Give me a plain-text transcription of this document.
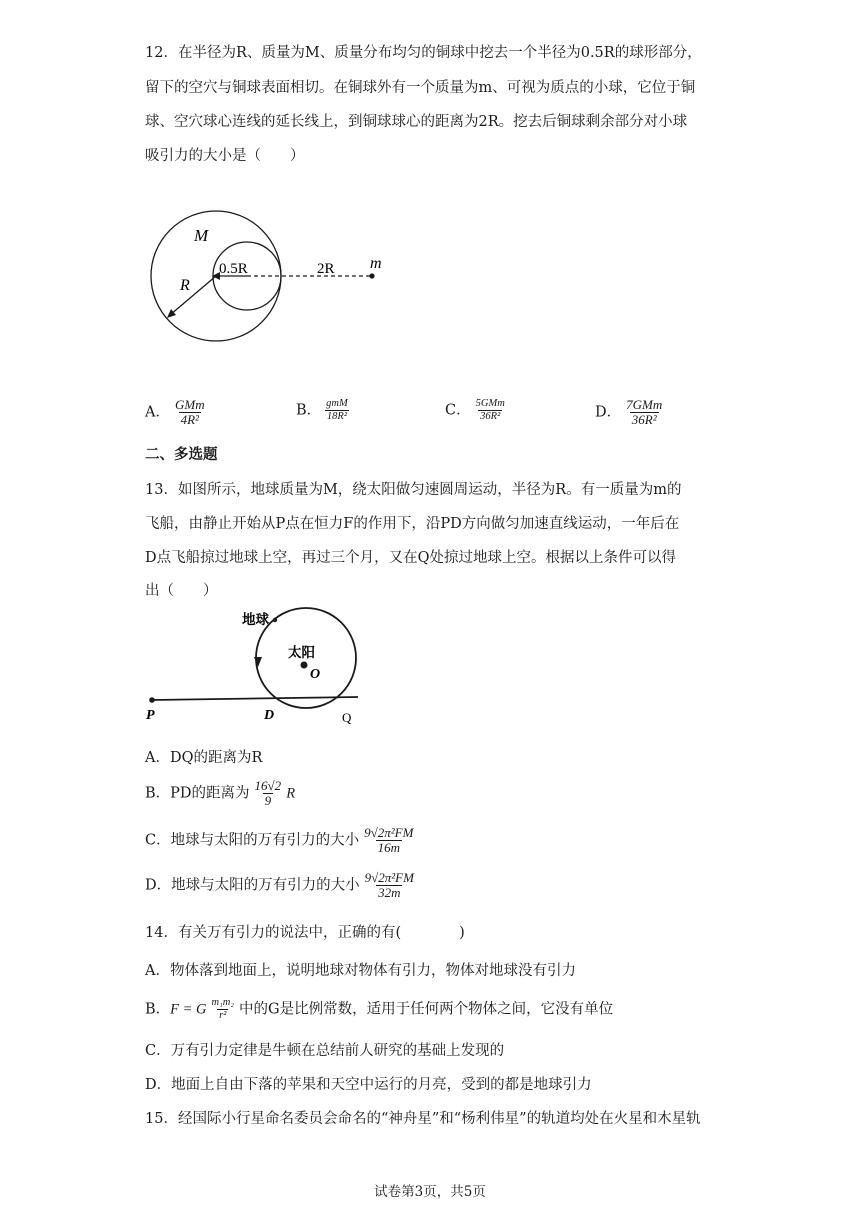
12．在半径为R、质量为M、质量分布均匀的铜球中挖去一个半径为0.5R的球形部分，
留下的空穴与铜球表面相切。在铜球外有一个质量为m、可视为质点的小球，它位于铜
球、空穴球心连线的延长线上，到铜球球心的距离为2R。挖去后铜球剩余部分对小球
吸引力的大小是（　　）
M
0.5R	2R m
R
A． $\frac{\text{GMm}}{\text{4R²}}$	B． $\frac{\text{gmM}}{\text{18R²}}$	C． $\frac{\text{5GMm}}{\text{36R²}}$	D． $\frac{\text{7GMm}}{\text{36R²}}$
二、多选题
13．如图所示，地球质量为M，绕太阳做匀速圆周运动，半径为R。有一质量为m的
飞船，由静止开始从P点在恒力F的作用下，沿PD方向做匀加速直线运动，一年后在
D点飞船掠过地球上空，再过三个月，又在Q处掠过地球上空。根据以上条件可以得
出（　　）
地球
太阳
O
P	D	Q
A．DQ的距离为R
B．PD的距离为 $\frac{16√2}{9}$ R
C．地球与太阳的万有引力的大小 $\frac{\text{9√2π²FM}}{16m}$
D．地球与太阳的万有引力的大小 $\frac{\text{9√2π²FM}}{32m}$
14．有关万有引力的说法中，正确的有(　　　　)
A．物体落到地面上，说明地球对物体有引力，物体对地球没有引力
B．F = G $\frac{\text{m₁m₂}}{\text{r²}}$ 中的G是比例常数，适用于任何两个物体之间，它没有单位
C．万有引力定律是牛顿在总结前人研究的基础上发现的
D．地面上自由下落的苹果和天空中运行的月亮，受到的都是地球引力
15．经国际小行星命名委员会命名的“神舟星”和“杨利伟星”的轨道均处在火星和木星轨
试卷第3页，共5页
